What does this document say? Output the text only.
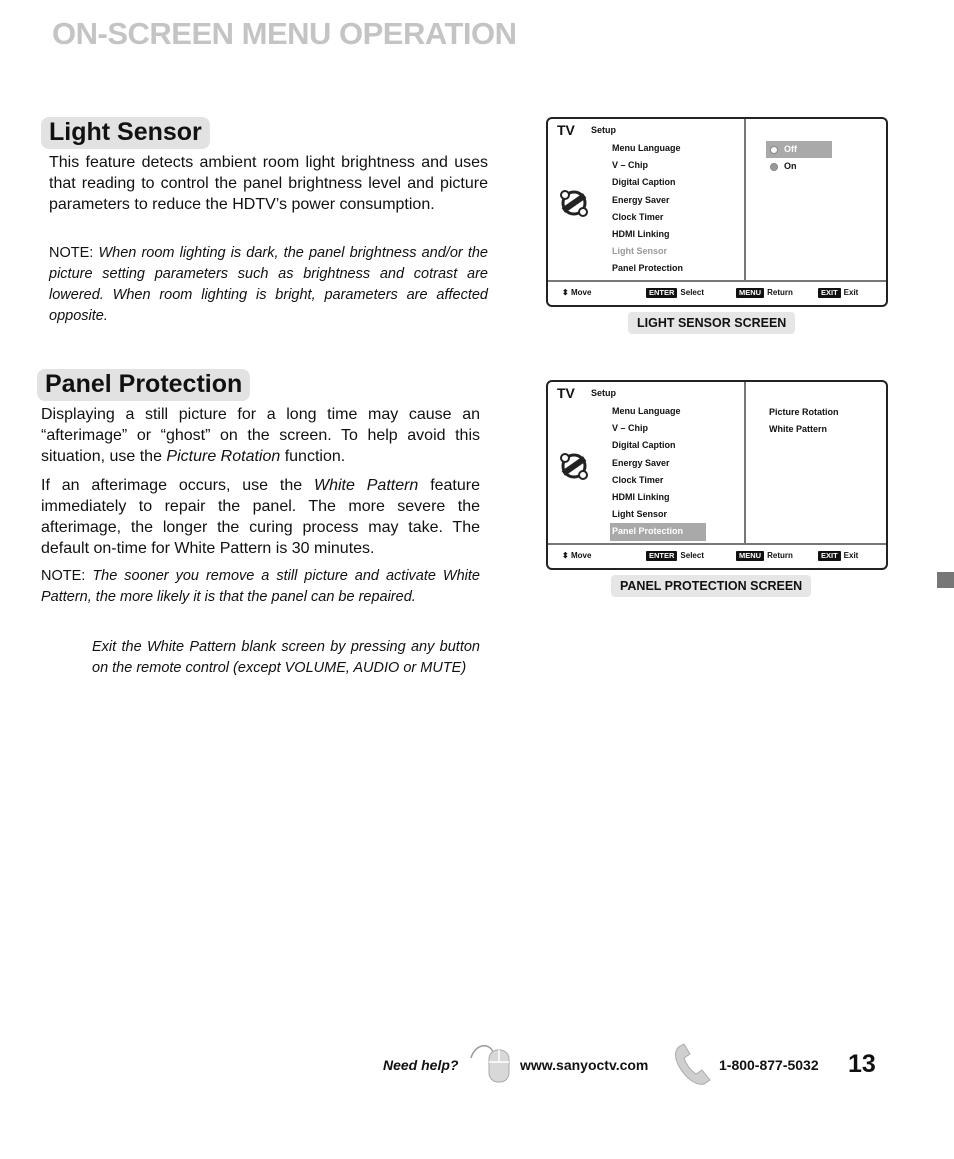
ON-SCREEN MENU OPERATION
Light Sensor

This feature detects ambient room light brightness and uses that reading to control the panel brightness level and picture parameters to reduce the HDTV’s power consumption.

NOTE: When room lighting is dark, the panel brightness and/or the picture setting parameters such as brightness and cotrast are lowered. When room lighting is bright, parameters are affected opposite.
TV Setup
Menu Language
V – Chip
Digital Caption
Energy Saver
Clock Timer
HDMI Linking
Light Sensor
Panel Protection
Off
On
⬍ Move	ENTER Select	MENU Return	EXIT Exit
LIGHT SENSOR SCREEN
Panel Protection

Displaying a still picture for a long time may cause an “afterimage” or “ghost” on the screen. To help avoid this situation, use the Picture Rotation function.

If an afterimage occurs, use the White Pattern feature immediately to repair the panel. The more severe the afterimage, the longer the curing process may take. The default on-time for White Pattern is 30 minutes.

NOTE: The sooner you remove a still picture and activate White Pattern, the more likely it is that the panel can be repaired.
Exit the White Pattern blank screen by pressing any button on the remote control (except VOLUME, AUDIO or MUTE)
TV Setup
Menu Language
V – Chip
Digital Caption
Energy Saver
Clock Timer
HDMI Linking
Light Sensor
Panel Protection
Picture Rotation
White Pattern
⬍ Move	ENTER Select	MENU Return	EXIT Exit
PANEL PROTECTION SCREEN
Need help?	www.sanyoctv.com	1-800-877-5032 13
